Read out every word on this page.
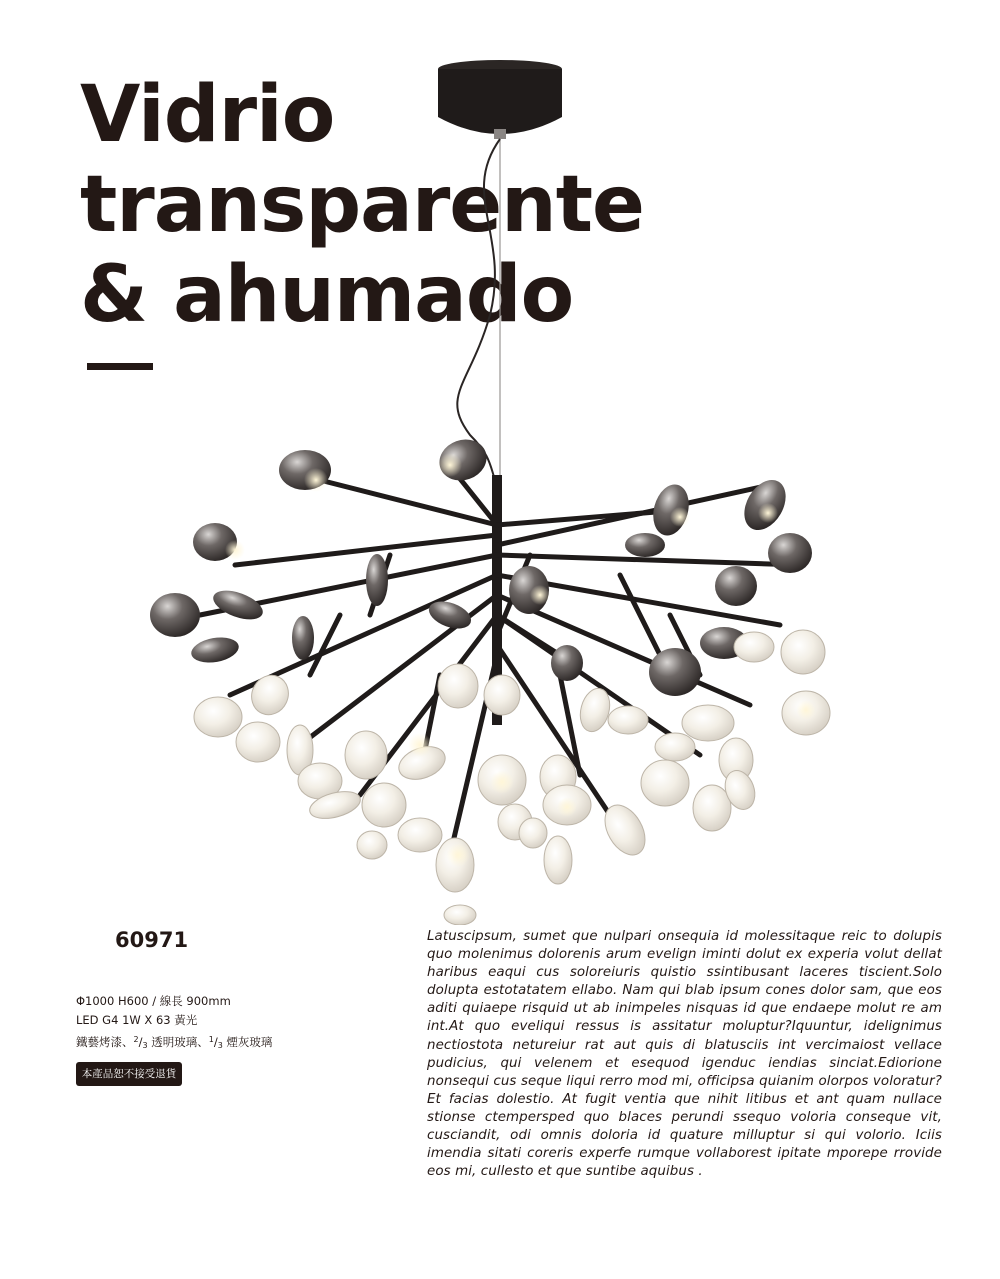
Vidrio
transparente
& ahumado
60971
Φ1000 H600 / 線長 900mm
LED G4 1W X 63 黃光
鐵藝烤漆、$^2$/3 透明玻璃、$^1$/3 煙灰玻璃
本產品恕不接受退貨

Latuscipsum, sumet que nulpari onsequia id molessitaque reic to dolupis quo molenimus dolorenis arum evelign iminti dolut ex experia volut dellat haribus eaqui cus soloreiuris quistio ssintibusant laceres tiscient.Solo dolupta estotatatem ellabo. Nam qui blab ipsum cones dolor sam, que eos aditi quiaepe risquid ut ab inimpeles nisquas id que endaepe molut re am int.At quo eveliqui ressus is assitatur moluptur?Iquuntur, idelignimus nectiostota netureiur rat aut quis di blatusciis int vercimaiost vellace pudicius, qui velenem et esequod igenduc iendias sinciat.Ediorione nonsequi cus seque liqui rerro mod mi, officipsa quianim olorpos voloratur? Et facias dolestio. At fugit ventia que nihit litibus et ant quam nullace stionse ctempersped quo blaces perundi ssequo voloria conseque vit, cusciandit, odi omnis doloria id quature milluptur si qui volorio. Iciis imendia sitati coreris experfe rumque vollaborest ipitate mporepe rrovide eos mi, cullesto et que suntibe aquibus .
